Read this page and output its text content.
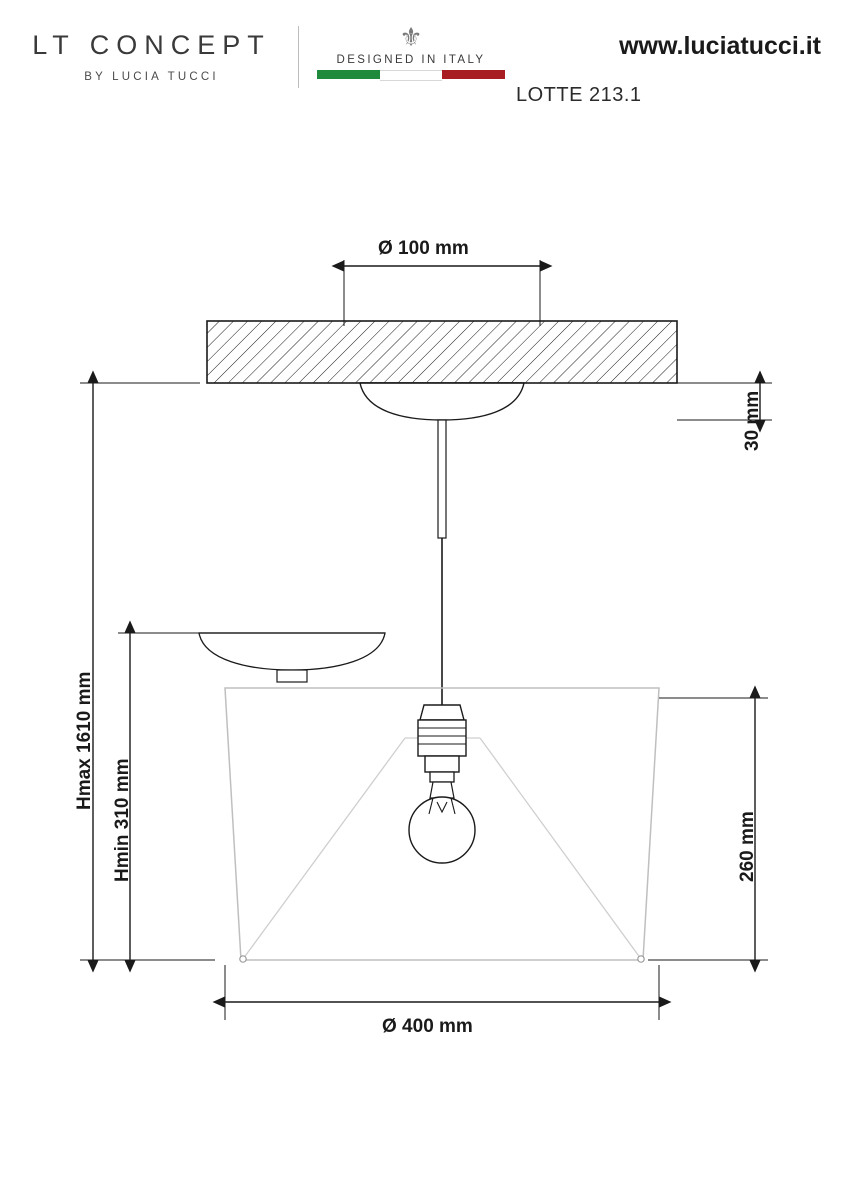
LT CONCEPT
BY LUCIA TUCCI
⚜
DESIGNED IN ITALY	www.luciatucci.it
LOTTE 213.1
Ø 100 mm
30 mm
260 mm
Hmax 1610 mm
Hmin 310 mm
Ø 400 mm
